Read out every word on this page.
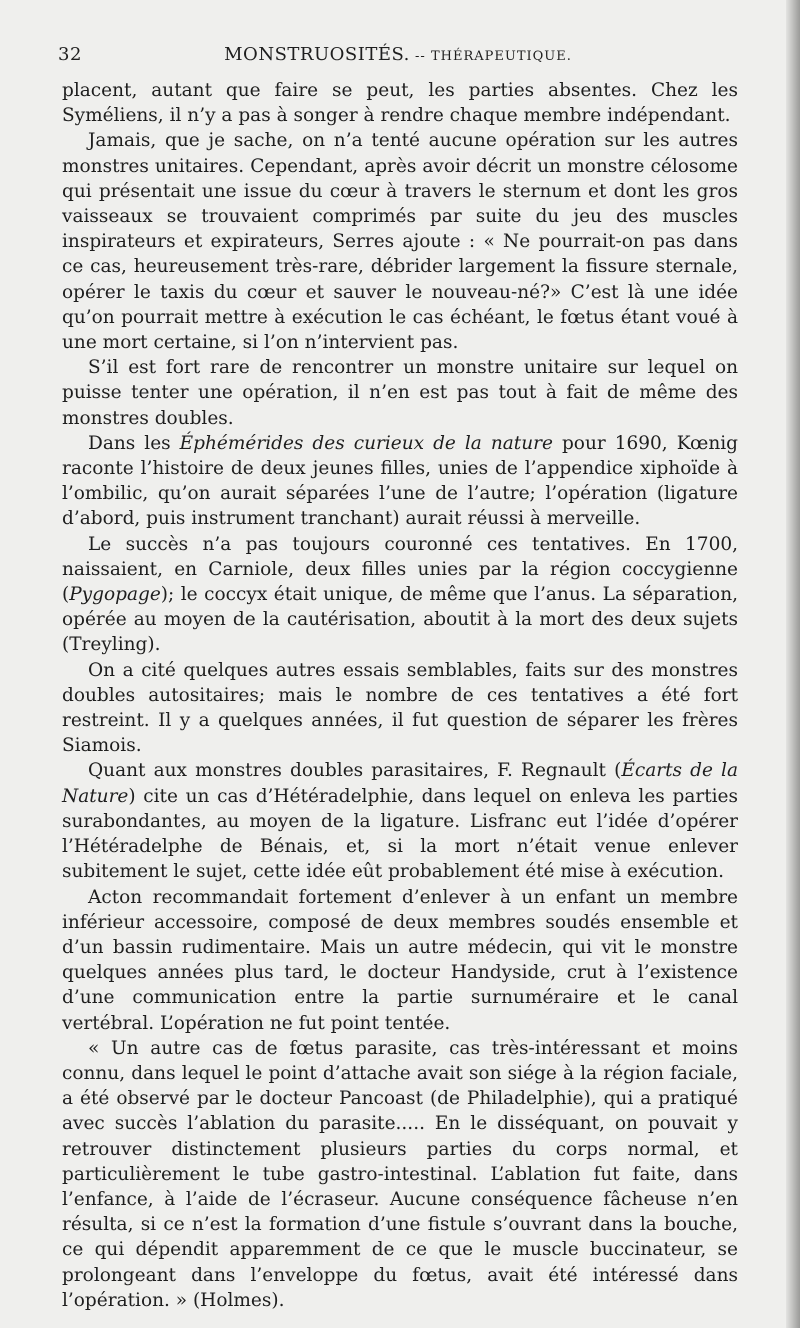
32	MONSTRUOSITÉS. -- THÉRAPEUTIQUE.

placent, autant que faire se peut, les parties absentes. Chez les Syméliens, il n’y a pas à songer à rendre chaque membre indépendant.

Jamais, que je sache, on n’a tenté aucune opération sur les autres monstres unitaires. Cependant, après avoir décrit un monstre célosome qui présentait une issue du cœur à travers le sternum et dont les gros vaisseaux se trouvaient comprimés par suite du jeu des muscles inspirateurs et expirateurs, Serres ajoute : « Ne pourrait-on pas dans ce cas, heureusement très-rare, débrider largement la fissure sternale, opérer le taxis du cœur et sauver le nouveau-né?» C’est là une idée qu’on pourrait mettre à exécution le cas échéant, le fœtus étant voué à une mort certaine, si l’on n’intervient pas.

S’il est fort rare de rencontrer un monstre unitaire sur lequel on puisse tenter une opération, il n’en est pas tout à fait de même des monstres doubles.

Dans les Éphémérides des curieux de la nature pour 1690, Kœnig raconte l’histoire de deux jeunes filles, unies de l’appendice xiphoïde à l’ombilic, qu’on aurait séparées l’une de l’autre; l’opération (ligature d’abord, puis instrument tranchant) aurait réussi à merveille.

Le succès n’a pas toujours couronné ces tentatives. En 1700, naissaient, en Carniole, deux filles unies par la région coccygienne (Pygopage); le coccyx était unique, de même que l’anus. La séparation, opérée au moyen de la cautérisation, aboutit à la mort des deux sujets (Treyling).

On a cité quelques autres essais semblables, faits sur des monstres doubles autositaires; mais le nombre de ces tentatives a été fort restreint. Il y a quelques années, il fut question de séparer les frères Siamois.

Quant aux monstres doubles parasitaires, F. Regnault (Écarts de la Nature) cite un cas d’Hétéradelphie, dans lequel on enleva les parties surabondantes, au moyen de la ligature. Lisfranc eut l’idée d’opérer l’Hétéradelphe de Bénais, et, si la mort n’était venue enlever subitement le sujet, cette idée eût probablement été mise à exécution.

Acton recommandait fortement d’enlever à un enfant un membre inférieur accessoire, composé de deux membres soudés ensemble et d’un bassin rudimentaire. Mais un autre médecin, qui vit le monstre quelques années plus tard, le docteur Handyside, crut à l’existence d’une communication entre la partie surnuméraire et le canal vertébral. L’opération ne fut point tentée.

« Un autre cas de fœtus parasite, cas très-intéressant et moins connu, dans lequel le point d’attache avait son siége à la région faciale, a été observé par le docteur Pancoast (de Philadelphie), qui a pratiqué avec succès l’ablation du parasite..... En le disséquant, on pouvait y retrouver distinctement plusieurs parties du corps normal, et particulièrement le tube gastro-intestinal. L’ablation fut faite, dans l’enfance, à l’aide de l’écraseur. Aucune conséquence fâcheuse n’en résulta, si ce n’est la formation d’une fistule s’ouvrant dans la bouche, ce qui dépendit apparemment de ce que le muscle buccinateur, se prolongeant dans l’enveloppe du fœtus, avait été intéressé dans l’opération. » (Holmes).
